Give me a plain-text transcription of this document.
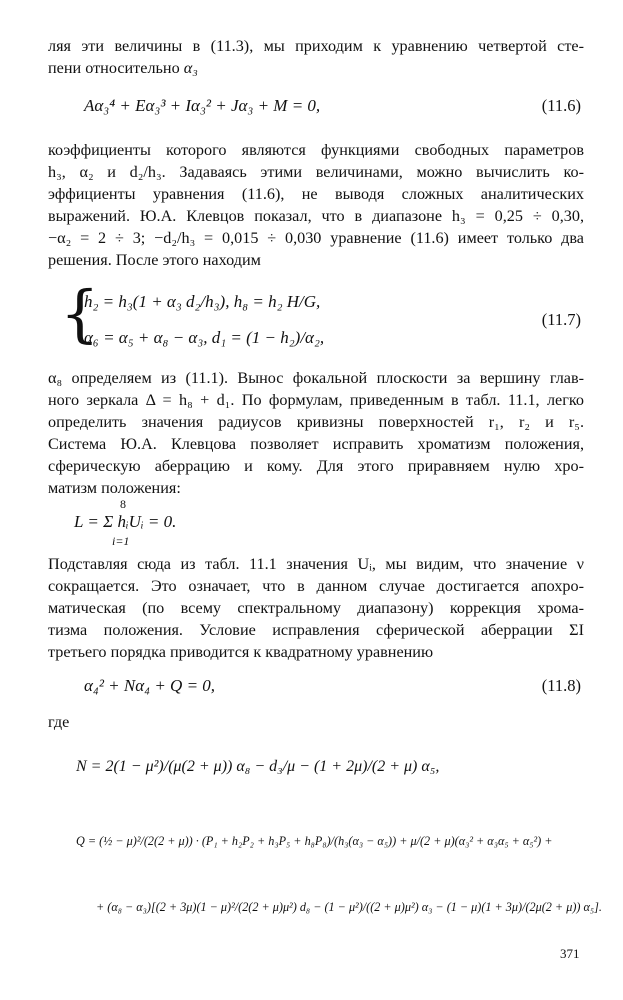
ляя эти величины в (11.3), мы приходим к уравнению четвертой сте-
пени относительно α₃
Aα₃⁴ + Eα₃³ + Iα₃² + Jα₃ + M = 0,	(11.6)
коэффициенты которого являются функциями свободных параметров
h₃, α₂ и d₂/h₃. Задаваясь этими величинами, можно вычислить ко-
эффициенты уравнения (11.6), не выводя сложных аналитических
выражений. Ю.А. Клевцов показал, что в диапазоне h₃ = 0,25 ÷ 0,30,
−α₂ = 2 ÷ 3; −d₂/h₃ = 0,015 ÷ 0,030 уравнение (11.6) имеет только два
решения. После этого находим
{
h₂ = h₃(1 + α₃ d₂/h₃), h₈ = h₂ H/G,
α₆ = α₅ + α₈ − α₃, d₁ = (1 − h₂)/α₂,
(11.7)
α₈ определяем из (11.1). Вынос фокальной плоскости за вершину глав-
ного зеркала Δ = h₈ + d₁. По формулам, приведенным в табл. 11.1, легко
определить значения радиусов кривизны поверхностей r₁, r₂ и r₅.
Система Ю.А. Клевцова позволяет исправить хроматизм положения,
сферическую аберрацию и кому. Для этого приравняем нулю хро-
матизм положения:
8
L = Σ hᵢUᵢ = 0.
i=1
Подставляя сюда из табл. 11.1 значения Uᵢ, мы видим, что значение ν
сокращается. Это означает, что в данном случае достигается апохро-
матическая (по всему спектральному диапазону) коррекция хрома-
тизма положения. Условие исправления сферической аберрации ΣI
третьего порядка приводится к квадратному уравнению
α₄² + Nα₄ + Q = 0,	(11.8)
где
N = 2(1 − μ²)/(μ(2 + μ)) α₈ − d₃/μ − (1 + 2μ)/(2 + μ) α₅,
Q = (½ − μ)²/(2(2 + μ)) · (P₁ + h₂P₂ + h₃P₅ + h₈P₈)/(h₃(α₃ − α₅)) + μ/(2 + μ)(α₃² + α₃α₅ + α₅²) +
+ (α₈ − α₃)[(2 + 3μ)(1 − μ)²/(2(2 + μ)μ²) d₈ − (1 − μ²)/((2 + μ)μ²) α₃ − (1 − μ)(1 + 3μ)/(2μ(2 + μ)) α₅].
371
